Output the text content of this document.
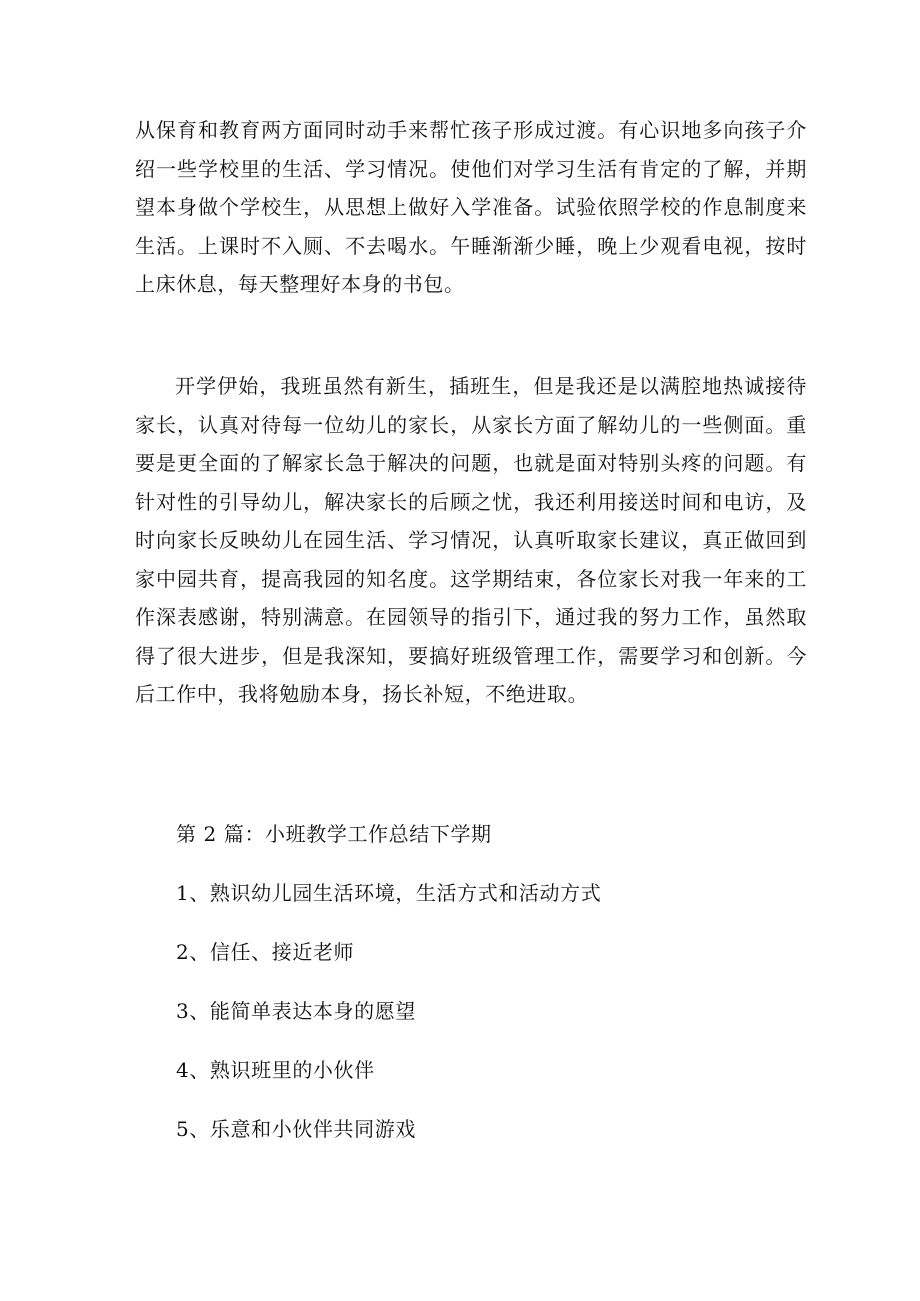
从保育和教育两方面同时动手来帮忙孩子形成过渡。有心识地多向孩子介绍一些学校里的生活、学习情况。使他们对学习生活有肯定的了解，并期望本身做个学校生，从思想上做好入学准备。试验依照学校的作息制度来生活。上课时不入厕、不去喝水。午睡渐渐少睡，晚上少观看电视，按时上床休息，每天整理好本身的书包。

开学伊始，我班虽然有新生，插班生，但是我还是以满腔地热诚接待家长，认真对待每一位幼儿的家长，从家长方面了解幼儿的一些侧面。重要是更全面的了解家长急于解决的问题，也就是面对特别头疼的问题。有针对性的引导幼儿，解决家长的后顾之忧，我还利用接送时间和电访，及时向家长反映幼儿在园生活、学习情况，认真听取家长建议，真正做回到家中园共育，提高我园的知名度。这学期结束，各位家长对我一年来的工作深表感谢，特别满意。在园领导的指引下，通过我的努力工作，虽然取得了很大进步，但是我深知，要搞好班级管理工作，需要学习和创新。今后工作中，我将勉励本身，扬长补短，不绝进取。

第 2 篇：小班教学工作总结下学期

1、熟识幼儿园生活环境，生活方式和活动方式

2、信任、接近老师

3、能简单表达本身的愿望

4、熟识班里的小伙伴

5、乐意和小伙伴共同游戏
